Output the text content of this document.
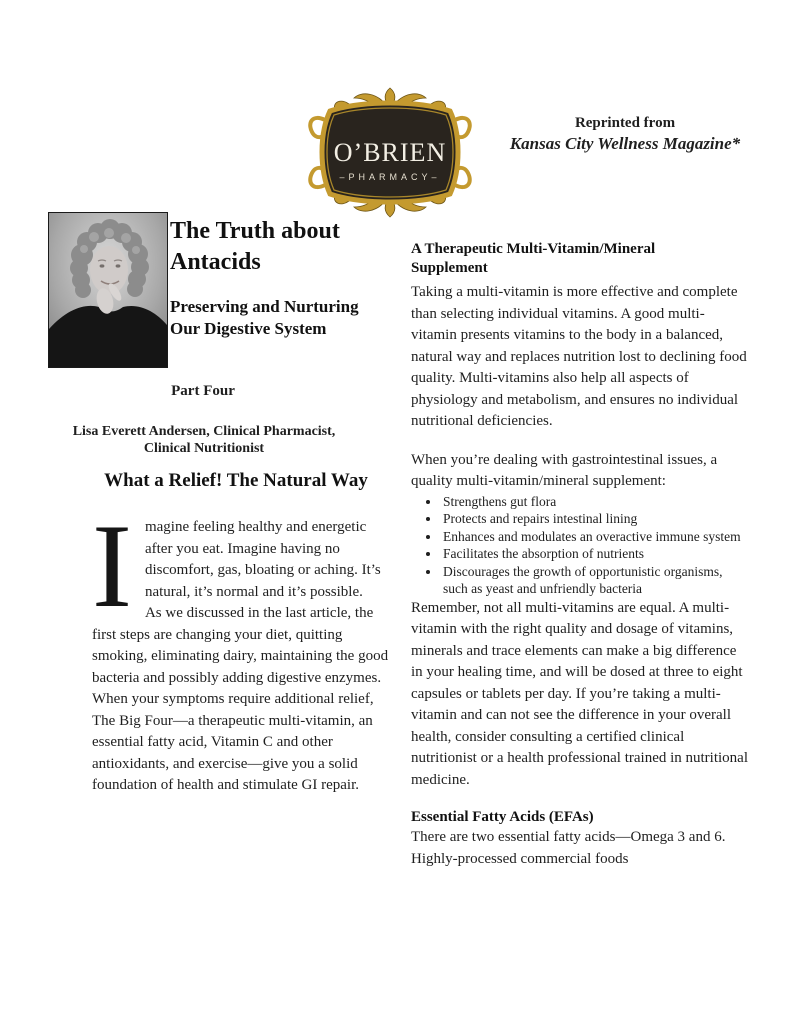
O’BRIEN
–PHARMACY–
Reprinted from
Kansas City Wellness Magazine*
The Truth about
Antacids
Preserving and Nurturing Our Digestive System
Part Four
Lisa Everett Andersen, Clinical Pharmacist,
Clinical Nutritionist
What a Relief! The Natural Way

Imagine feeling healthy and energetic after you eat. Imagine having no discomfort, gas, bloating or aching. It’s natural, it’s normal and it’s possible.

As we discussed in the last article, the first steps are changing your diet, quitting smoking, eliminating dairy, maintaining the good bacteria and possibly adding digestive enzymes. When your symptoms require additional relief, The Big Four—a therapeutic multi-vitamin, an essential fatty acid, Vitamin C and other antioxidants, and exercise—give you a solid foundation of health and stimulate GI repair.

A Therapeutic Multi-Vitamin/Mineral Supplement

Taking a multi-vitamin is more effective and complete than selecting individual vitamins. A good multi-vitamin presents vitamins to the body in a balanced, natural way and replaces nutrition lost to declining food quality. Multi-vitamins also help all aspects of physiology and metabolism, and ensures no individual nutritional deficiencies.

When you’re dealing with gastrointestinal issues, a quality multi-vitamin/mineral supplement:

• Strengthens gut flora
• Protects and repairs intestinal lining
• Enhances and modulates an overactive immune system
• Facilitates the absorption of nutrients
• Discourages the growth of opportunistic organisms, such as yeast and unfriendly bacteria

Remember, not all multi-vitamins are equal. A multi-vitamin with the right quality and dosage of vitamins, minerals and trace elements can make a big difference in your healing time, and will be dosed at three to eight capsules or tablets per day. If you’re taking a multi-vitamin and can not see the difference in your overall health, consider consulting a certified clinical nutritionist or a health professional trained in nutritional medicine.

Essential Fatty Acids (EFAs)

There are two essential fatty acids—Omega 3 and 6. Highly-processed commercial foods
